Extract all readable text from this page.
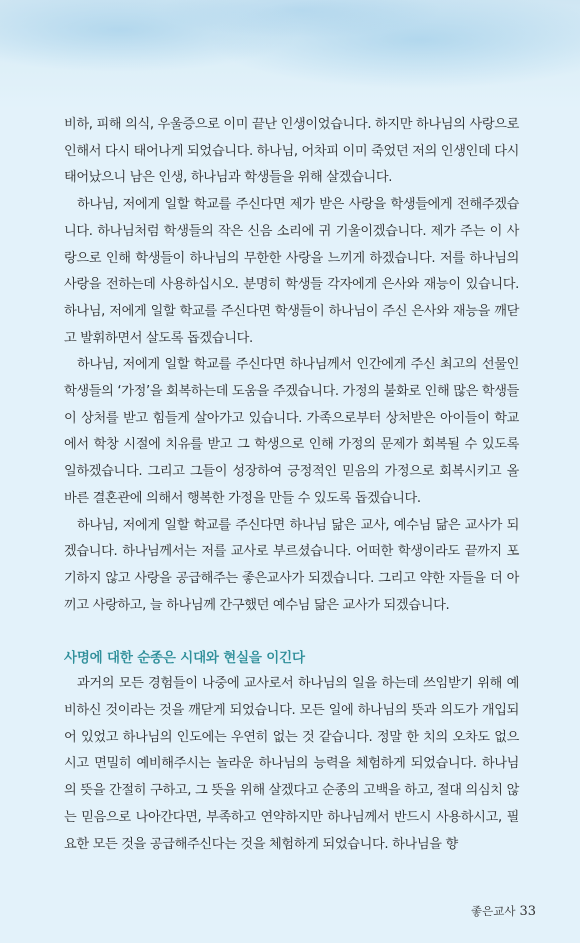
비하, 피해 의식, 우울증으로 이미 끝난 인생이었습니다. 하지만 하나님의 사랑으로 인해서 다시 태어나게 되었습니다. 하나님, 어차피 이미 죽었던 저의 인생인데 다시 태어났으니 남은 인생, 하나님과 학생들을 위해 살겠습니다.

하나님, 저에게 일할 학교를 주신다면 제가 받은 사랑을 학생들에게 전해주겠습니다. 하나님처럼 학생들의 작은 신음 소리에 귀 기울이겠습니다. 제가 주는 이 사랑으로 인해 학생들이 하나님의 무한한 사랑을 느끼게 하겠습니다. 저를 하나님의 사랑을 전하는데 사용하십시오. 분명히 학생들 각자에게 은사와 재능이 있습니다. 하나님, 저에게 일할 학교를 주신다면 학생들이 하나님이 주신 은사와 재능을 깨닫고 발휘하면서 살도록 돕겠습니다.

하나님, 저에게 일할 학교를 주신다면 하나님께서 인간에게 주신 최고의 선물인 학생들의 ‘가정’을 회복하는데 도움을 주겠습니다. 가정의 불화로 인해 많은 학생들이 상처를 받고 힘들게 살아가고 있습니다. 가족으로부터 상처받은 아이들이 학교에서 학창 시절에 치유를 받고 그 학생으로 인해 가정의 문제가 회복될 수 있도록 일하겠습니다. 그리고 그들이 성장하여 긍정적인 믿음의 가정으로 회복시키고 올바른 결혼관에 의해서 행복한 가정을 만들 수 있도록 돕겠습니다.

하나님, 저에게 일할 학교를 주신다면 하나님 닮은 교사, 예수님 닮은 교사가 되겠습니다. 하나님께서는 저를 교사로 부르셨습니다. 어떠한 학생이라도 끝까지 포기하지 않고 사랑을 공급해주는 좋은교사가 되겠습니다. 그리고 약한 자들을 더 아끼고 사랑하고, 늘 하나님께 간구했던 예수님 닮은 교사가 되겠습니다.

사명에 대한 순종은 시대와 현실을 이긴다

과거의 모든 경험들이 나중에 교사로서 하나님의 일을 하는데 쓰임받기 위해 예비하신 것이라는 것을 깨닫게 되었습니다. 모든 일에 하나님의 뜻과 의도가 개입되어 있었고 하나님의 인도에는 우연히 없는 것 같습니다. 정말 한 치의 오차도 없으시고 면밀히 예비해주시는 놀라운 하나님의 능력을 체험하게 되었습니다. 하나님의 뜻을 간절히 구하고, 그 뜻을 위해 살겠다고 순종의 고백을 하고, 절대 의심치 않는 믿음으로 나아간다면, 부족하고 연약하지만 하나님께서 반드시 사용하시고, 필요한 모든 것을 공급해주신다는 것을 체험하게 되었습니다. 하나님을 향

좋은교사 33
